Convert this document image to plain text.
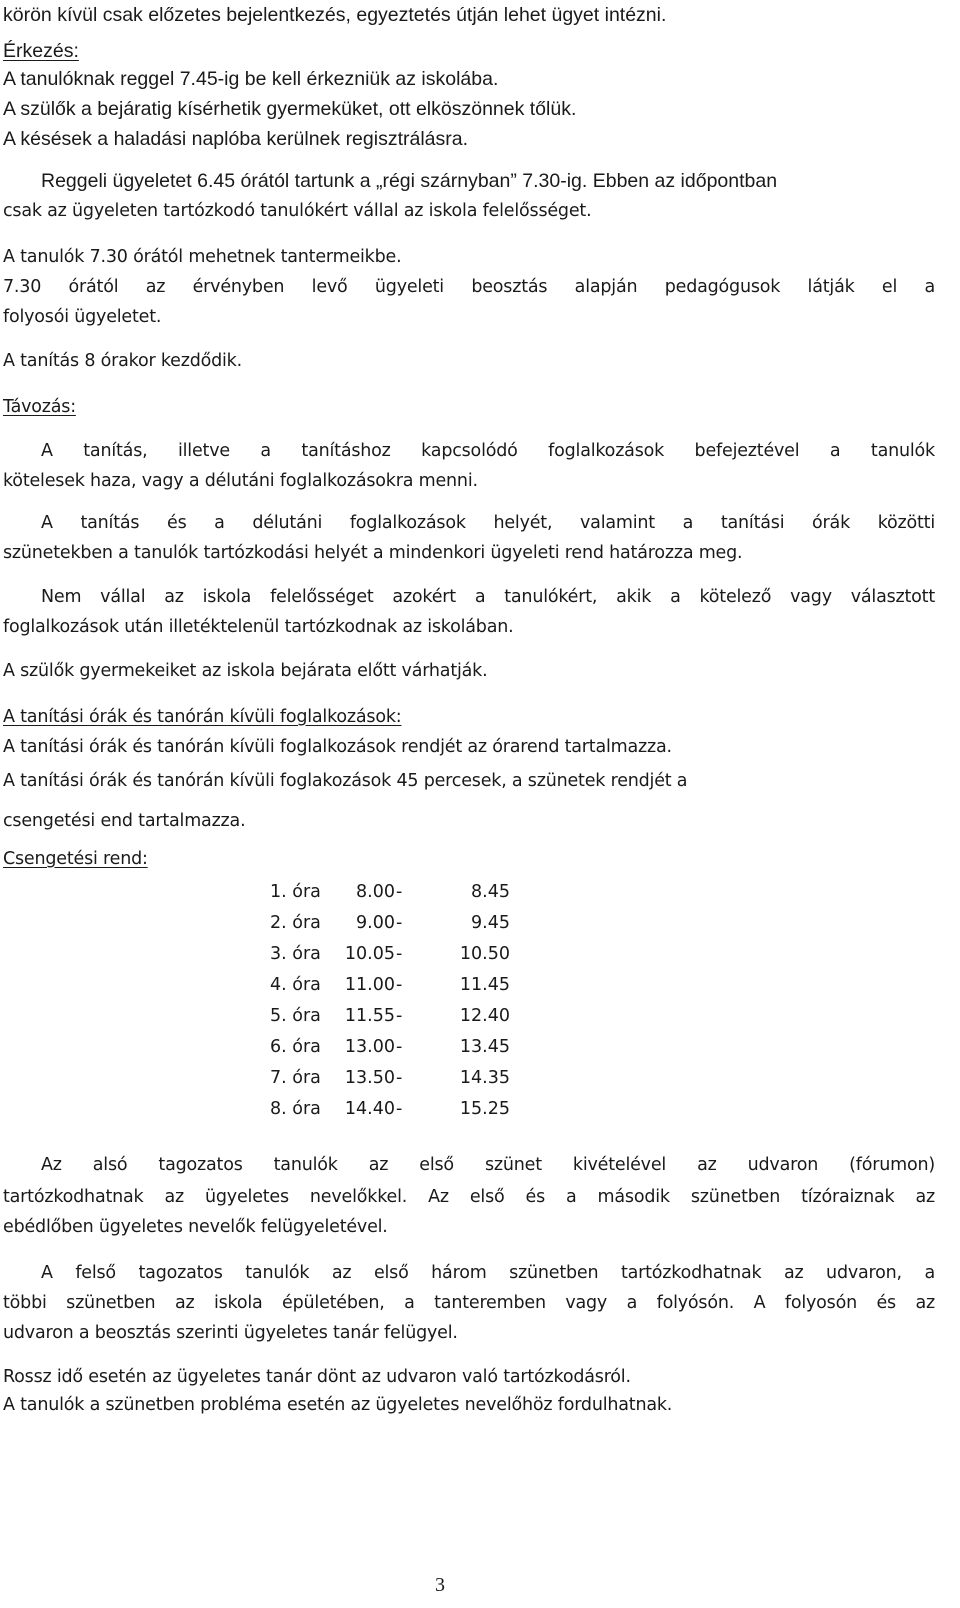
körön kívül csak előzetes bejelentkezés, egyeztetés útján lehet ügyet intézni.

Érkezés:

A tanulóknak reggel 7.45-ig be kell érkezniük az iskolába.

A szülők a bejáratig kísérhetik gyermeküket, ott elköszönnek tőlük.

A késések a haladási naplóba kerülnek regisztrálásra.

Reggeli ügyeletet 6.45 órától tartunk a „régi szárnyban” 7.30-ig. Ebben az időpontban

csak az ügyeleten tartózkodó tanulókért vállal az iskola felelősséget.

A tanulók 7.30 órától mehetnek tantermeikbe.

7.30 órától az érvényben levő ügyeleti beosztás alapján pedagógusok látják el a

folyosói ügyeletet.

A tanítás 8 órakor kezdődik.

Távozás:

A tanítás, illetve a tanításhoz kapcsolódó foglalkozások befejeztével a tanulók

kötelesek haza, vagy a délutáni foglalkozásokra menni.

A tanítás és a délutáni foglalkozások helyét, valamint a tanítási órák közötti

szünetekben a tanulók tartózkodási helyét a mindenkori ügyeleti rend határozza meg.

Nem vállal az iskola felelősséget azokért a tanulókért, akik a kötelező vagy választott

foglalkozások után illetéktelenül tartózkodnak az iskolában.

A szülők gyermekeiket az iskola bejárata előtt várhatják.

A tanítási órák és tanórán kívüli foglalkozások:

A tanítási órák és tanórán kívüli foglalkozások rendjét az órarend tartalmazza.

A tanítási órák és tanórán kívüli foglakozások 45 percesek, a szünetek rendjét a

csengetési end tartalmazza.

Csengetési rend:

1. óra 8.00 -	8.45
2. óra 9.00 -	9.45
3. óra 10.05 -	10.50
4. óra 11.00 -	11.45
5. óra 11.55 -	12.40
6. óra 13.00 -	13.45
7. óra 13.50 -	14.35
8. óra 14.40 -	15.25

Az alsó tagozatos tanulók az első szünet kivételével az udvaron (fórumon)

tartózkodhatnak az ügyeletes nevelőkkel. Az első és a második szünetben tízóraiznak az

ebédlőben ügyeletes nevelők felügyeletével.

A felső tagozatos tanulók az első három szünetben tartózkodhatnak az udvaron, a

többi szünetben az iskola épületében, a tanteremben vagy a folyósón. A folyosón és az

udvaron a beosztás szerinti ügyeletes tanár felügyel.

Rossz idő esetén az ügyeletes tanár dönt az udvaron való tartózkodásról.

A tanulók a szünetben probléma esetén az ügyeletes nevelőhöz fordulhatnak.

3
